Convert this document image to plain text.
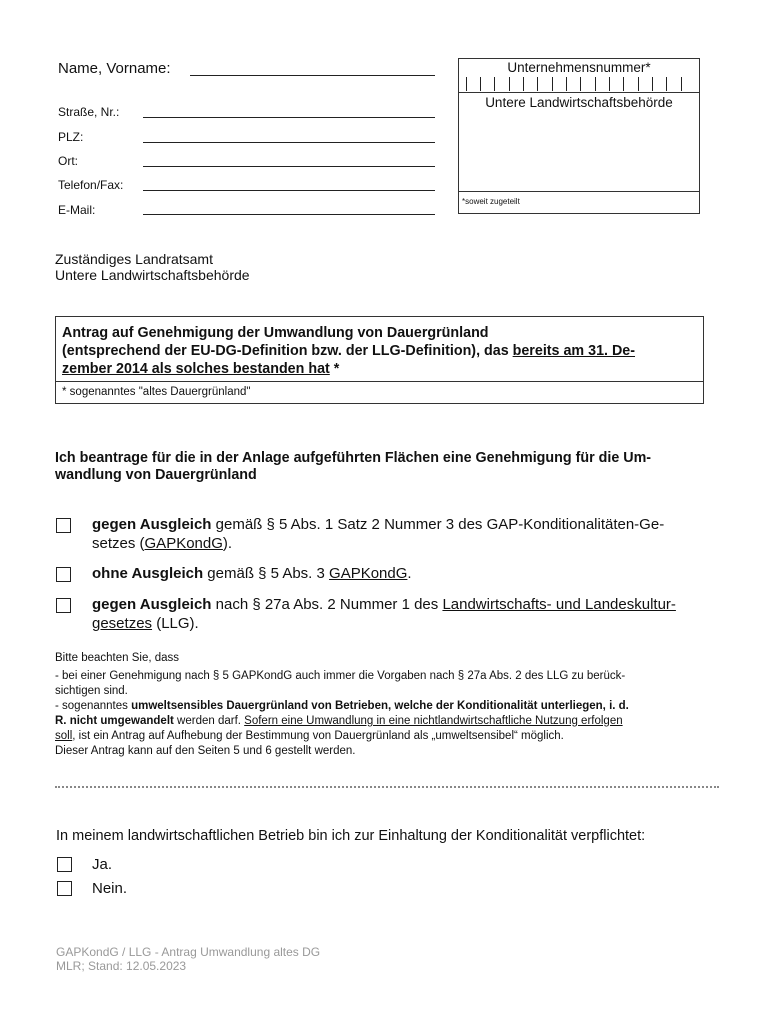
Name, Vorname:
Straße, Nr.:
PLZ:
Ort:
Telefon/Fax:
E-Mail:
Unternehmensnummer*
Untere Landwirtschaftsbehörde
*soweit zugeteilt
Zuständiges Landratsamt
Untere Landwirtschaftsbehörde
Antrag auf Genehmigung der Umwandlung von Dauergrünland
(entsprechend der EU-DG-Definition bzw. der LLG-Definition), das bereits am 31. De-
zember 2014 als solches bestanden hat *
* sogenanntes "altes Dauergrünland"
Ich beantrage für die in der Anlage aufgeführten Flächen eine Genehmigung für die Um-
wandlung von Dauergrünland
gegen Ausgleich gemäß § 5 Abs. 1 Satz 2 Nummer 3 des GAP-Konditionalitäten-Ge-
setzes (GAPKondG).
ohne Ausgleich gemäß § 5 Abs. 3 GAPKondG.
gegen Ausgleich nach § 27a Abs. 2 Nummer 1 des Landwirtschafts- und Landeskultur-
gesetzes (LLG).
Bitte beachten Sie, dass
- bei einer Genehmigung nach § 5 GAPKondG auch immer die Vorgaben nach § 27a Abs. 2 des LLG zu berück-
sichtigen sind.
- sogenanntes umweltsensibles Dauergrünland von Betrieben, welche der Konditionalität unterliegen, i. d.
R. nicht umgewandelt werden darf. Sofern eine Umwandlung in eine nichtlandwirtschaftliche Nutzung erfolgen
soll, ist ein Antrag auf Aufhebung der Bestimmung von Dauergrünland als „umweltsensibel“ möglich.
Dieser Antrag kann auf den Seiten 5 und 6 gestellt werden.
In meinem landwirtschaftlichen Betrieb bin ich zur Einhaltung der Konditionalität verpflichtet:
Ja.
Nein.
GAPKondG / LLG - Antrag Umwandlung altes DG
MLR; Stand: 12.05.2023
